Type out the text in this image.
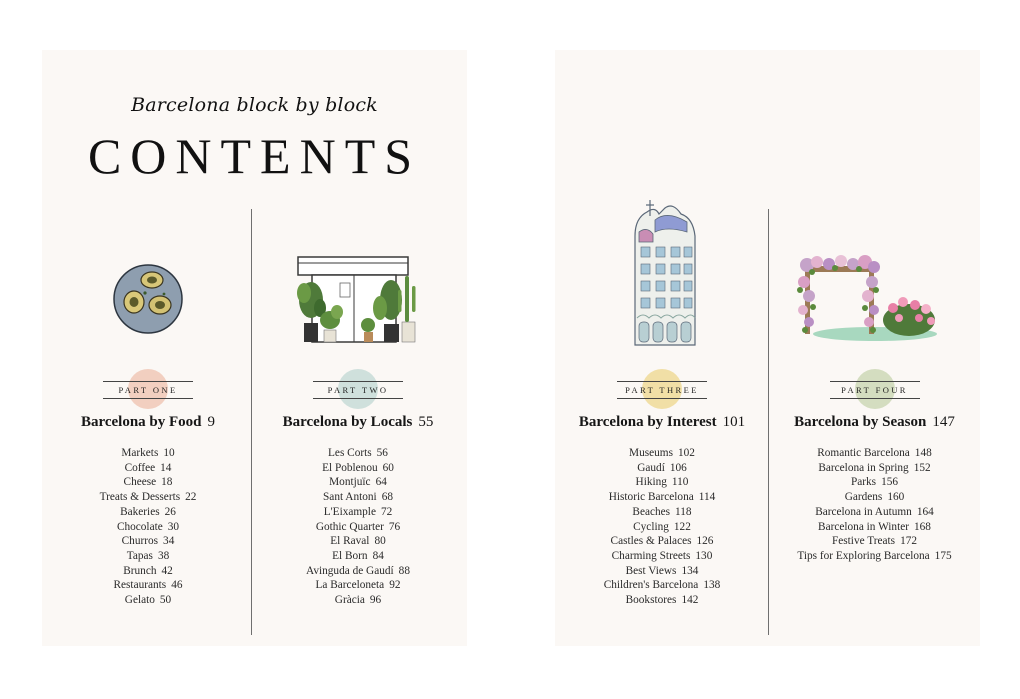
Barcelona block by block
CONTENTS
PART ONE
Barcelona by Food 9
Markets 10
Coffee 14
Cheese 18
Treats & Desserts 22
Bakeries 26
Chocolate 30
Churros 34
Tapas 38
Brunch 42
Restaurants 46
Gelato 50
PART TWO
Barcelona by Locals 55
Les Corts 56
El Poblenou 60
Montjuïc 64
Sant Antoni 68
L'Eixample 72
Gothic Quarter 76
El Raval 80
El Born 84
Avinguda de Gaudí 88
La Barceloneta 92
Gràcia 96
PART THREE
Barcelona by Interest 101
Museums 102
Gaudí 106
Hiking 110
Historic Barcelona 114
Beaches 118
Cycling 122
Castles & Palaces 126
Charming Streets 130
Best Views 134
Children's Barcelona 138
Bookstores 142
PART FOUR
Barcelona by Season 147
Romantic Barcelona 148
Barcelona in Spring 152
Parks 156
Gardens 160
Barcelona in Autumn 164
Barcelona in Winter 168
Festive Treats 172
Tips for Exploring Barcelona 175
